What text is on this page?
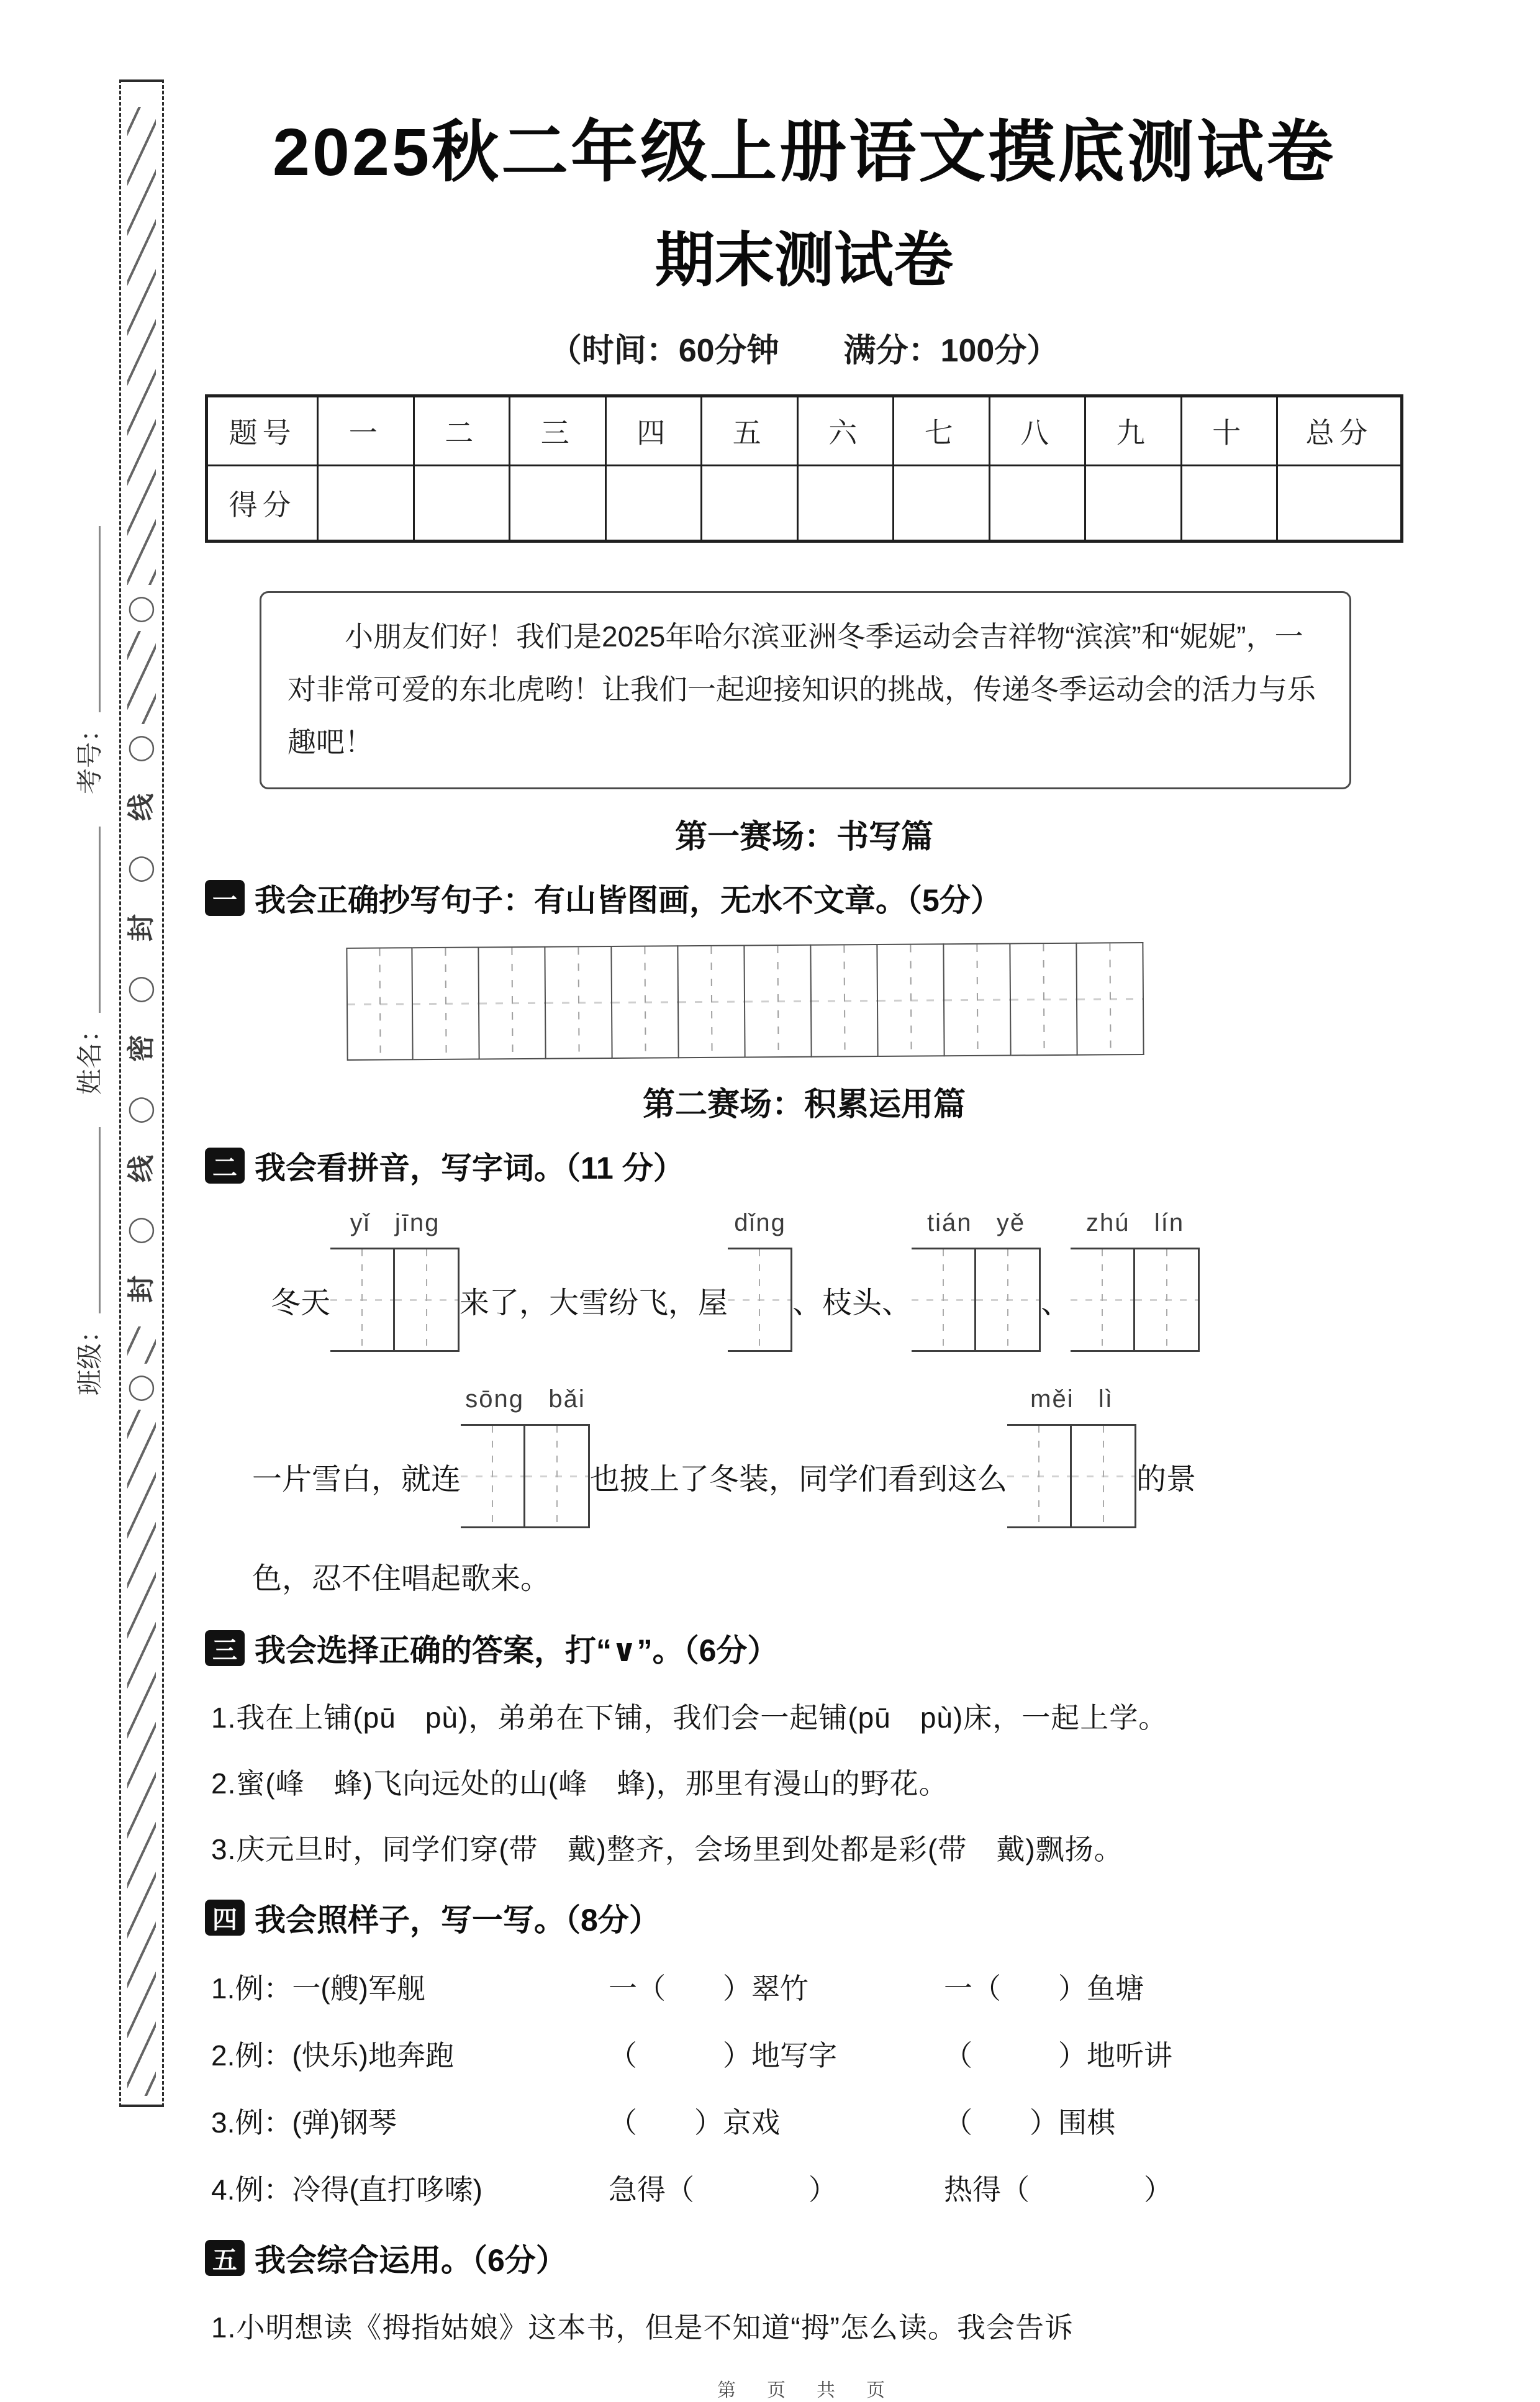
◯
◯
线
◯
封
◯
密
◯
线
◯
封
◯
班级：
姓名：
考号：
2025秋二年级上册语文摸底测试卷
期末测试卷
（时间：60分钟　　满分：100分）
题号	一	二	三	四	五	六	七	八	九	十	总分
得分

小朋友们好！我们是2025年哈尔滨亚洲冬季运动会吉祥物“滨滨”和“妮妮”，一对非常可爱的东北虎哟！让我们一起迎接知识的挑战，传递冬季运动会的活力与乐趣吧！

第一赛场：书写篇
一 我会正确抄写句子：有山皆图画，无水不文章。（5分）
第二赛场：积累运用篇
二 我会看拼音，写字词。（11 分）
冬天
yǐ   jīng
来了，大雪纷飞，屋
dǐng
、枝头、
tián   yě
、
zhú   lín
一片雪白，就连
sōng   bǎi
也披上了冬装，同学们看到这么
měi   lì
的景
色，忍不住唱起歌来。
三 我会选择正确的答案，打“∨”。（6分）
1.我在上铺(pū　pù)，弟弟在下铺，我们会一起铺(pū　pù)床，一起上学。
2.蜜(峰　蜂)飞向远处的山(峰　蜂)，那里有漫山的野花。
3.庆元旦时，同学们穿(带　戴)整齐，会场里到处都是彩(带　戴)飘扬。
四 我会照样子，写一写。（8分）
1.例：一(艘)军舰	一（　　）翠竹	一（　　）鱼塘
2.例：(快乐)地奔跑	（　　　）地写字	（　　　）地听讲
3.例：(弹)钢琴	（　　）京戏	（　　）围棋
4.例：冷得(直打哆嗦)	急得（　　　　）	热得（　　　　）
五 我会综合运用。（6分）
1.小明想读《拇指姑娘》这本书，但是不知道“拇”怎么读。我会告诉
第　页　共　页
